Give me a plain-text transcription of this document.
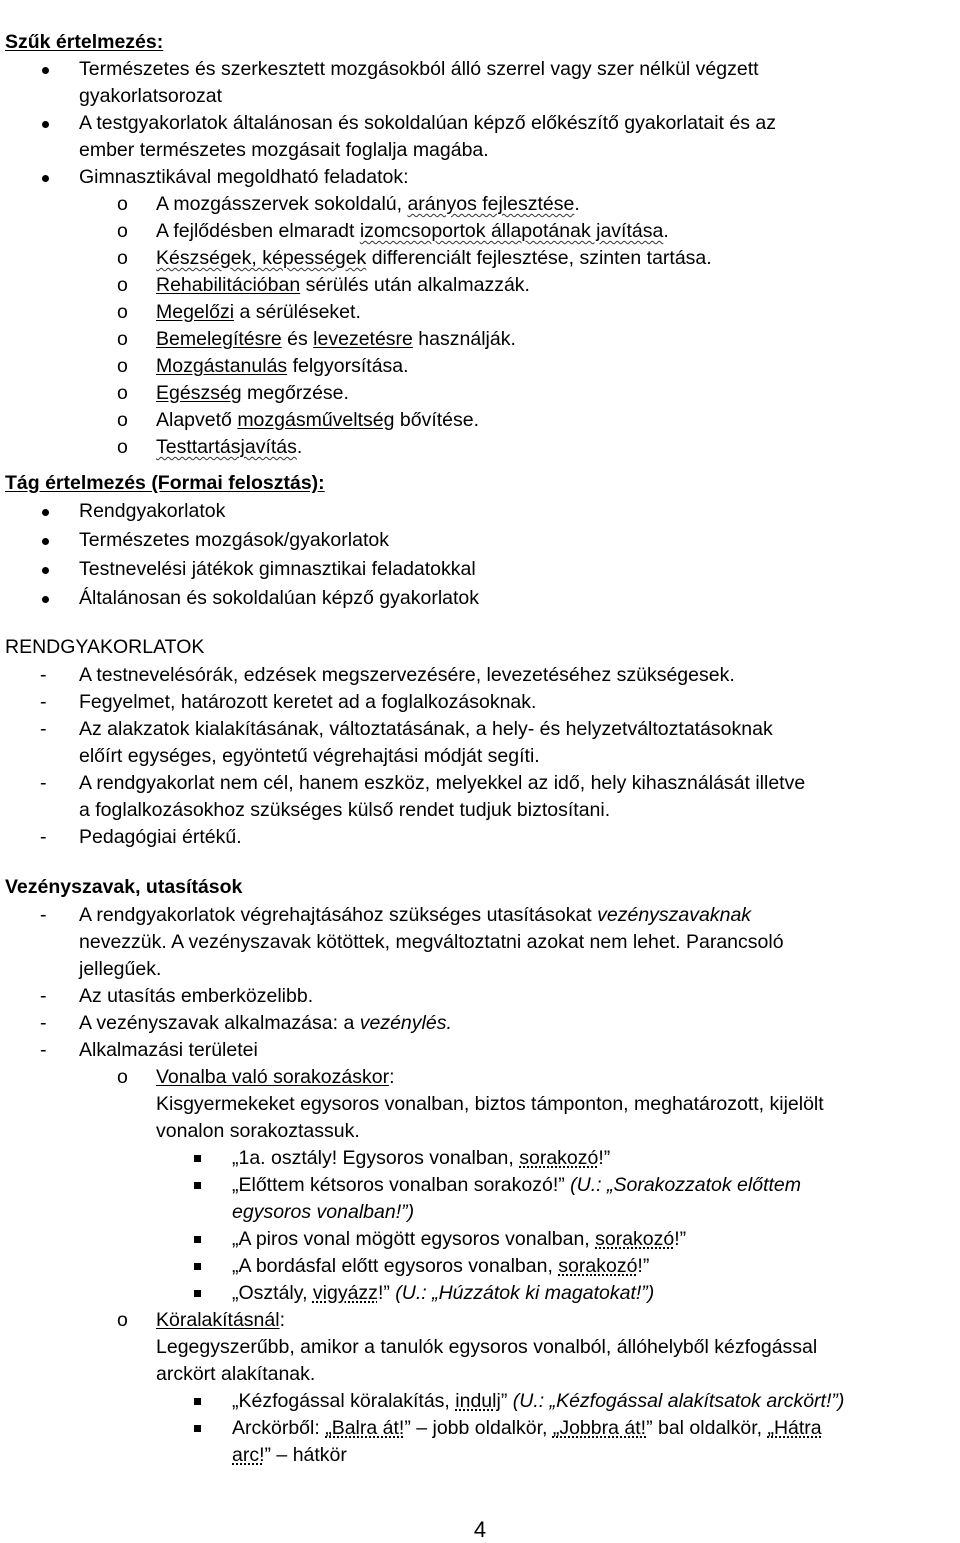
Szűk értelmezés:
Természetes és szerkesztett mozgásokból álló szerrel vagy szer nélkül végzett
gyakorlatsorozat
A testgyakorlatok általánosan és sokoldalúan képző előkészítő gyakorlatait és az
ember természetes mozgásait foglalja magába.
Gimnasztikával megoldható feladatok:
o A mozgásszervek sokoldalú, arányos fejlesztése.
o A fejlődésben elmaradt izomcsoportok állapotának javítása.
o Készségek, képességek differenciált fejlesztése, szinten tartása.
o Rehabilitációban sérülés után alkalmazzák.
o Megelőzi a sérüléseket.
o Bemelegítésre és levezetésre használják.
o Mozgástanulás felgyorsítása.
o Egészség megőrzése.
o Alapvető mozgásműveltség bővítése.
o Testtartásjavítás.
Tág értelmezés (Formai felosztás):
Rendgyakorlatok
Természetes mozgások/gyakorlatok
Testnevelési játékok gimnasztikai feladatokkal
Általánosan és sokoldalúan képző gyakorlatok
RENDGYAKORLATOK
- A testnevelésórák, edzések megszervezésére, levezetéséhez szükségesek.
- Fegyelmet, határozott keretet ad a foglalkozásoknak.
- Az alakzatok kialakításának, változtatásának, a hely- és helyzetváltoztatásoknak
előírt egységes, egyöntetű végrehajtási módját segíti.
- A rendgyakorlat nem cél, hanem eszköz, melyekkel az idő, hely kihasználását illetve
a foglalkozásokhoz szükséges külső rendet tudjuk biztosítani.
- Pedagógiai értékű.
Vezényszavak, utasítások
- A rendgyakorlatok végrehajtásához szükséges utasításokat vezényszavaknak
nevezzük. A vezényszavak kötöttek, megváltoztatni azokat nem lehet. Parancsoló
jellegűek.
- Az utasítás emberközelibb.
- A vezényszavak alkalmazása: a vezénylés.
- Alkalmazási területei
o Vonalba való sorakozáskor:
Kisgyermekeket egysoros vonalban, biztos támponton, meghatározott, kijelölt
vonalon sorakoztassuk.
„1a. osztály! Egysoros vonalban, sorakozó!”
„Előttem kétsoros vonalban sorakozó!” (U.: „Sorakozzatok előttem
egysoros vonalban!”)
„A piros vonal mögött egysoros vonalban, sorakozó!”
„A bordásfal előtt egysoros vonalban, sorakozó!”
„Osztály, vigyázz!” (U.: „Húzzátok ki magatokat!”)
o Köralakításnál:
Legegyszerűbb, amikor a tanulók egysoros vonalból, állóhelyből kézfogással
arckört alakítanak.
„Kézfogással köralakítás, indulj” (U.: „Kézfogással alakítsatok arckört!”)
Arckörből: „Balra át!” – jobb oldalkör, „Jobbra át!” bal oldalkör, „Hátra
arc!” – hátkör
4
